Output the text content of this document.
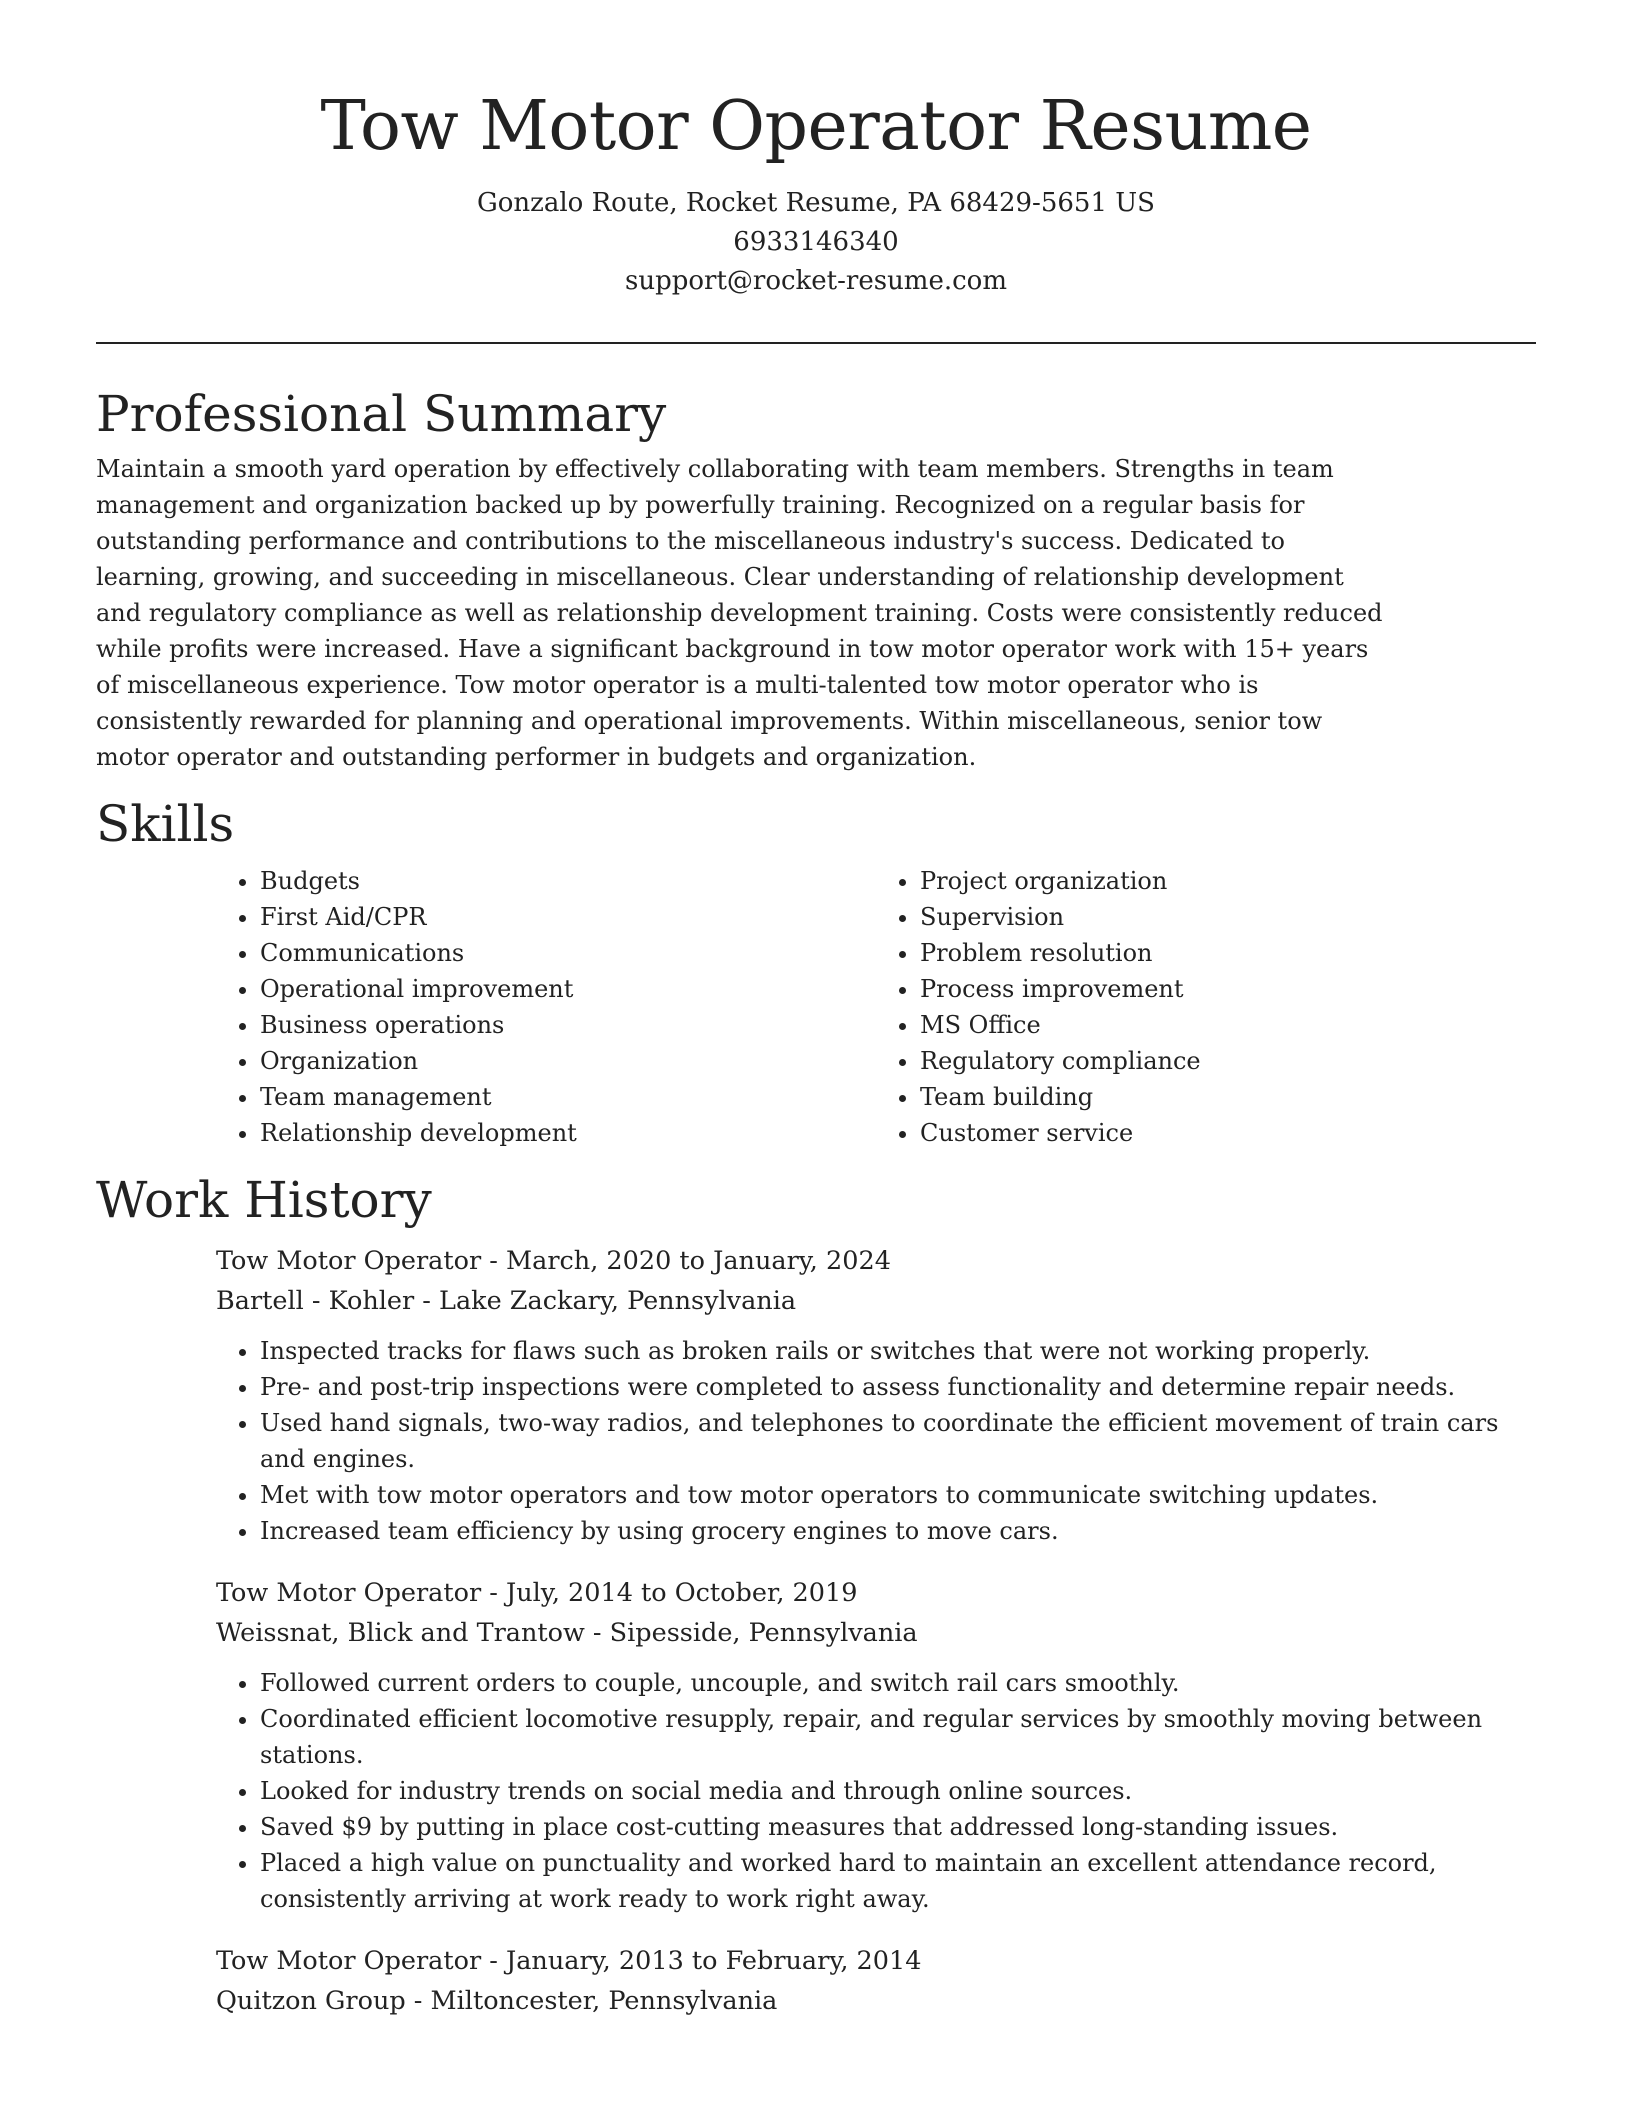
Tow Motor Operator Resume
Gonzalo Route, Rocket Resume, PA 68429-5651 US
6933146340
support@rocket-resume.com
Professional Summary

Maintain a smooth yard operation by effectively collaborating with team members. Strengths in team management and organization backed up by powerfully training. Recognized on a regular basis for outstanding performance and contributions to the miscellaneous industry's success. Dedicated to learning, growing, and succeeding in miscellaneous. Clear understanding of relationship development and regulatory compliance as well as relationship development training. Costs were consistently reduced while profits were increased. Have a significant background in tow motor operator work with 15+ years of miscellaneous experience. Tow motor operator is a multi-talented tow motor operator who is consistently rewarded for planning and operational improvements. Within miscellaneous, senior tow motor operator and outstanding performer in budgets and organization.

Skills
• Budgets
• First Aid/CPR
• Communications
• Operational improvement
• Business operations
• Organization
• Team management
• Relationship development
• Project organization
• Supervision
• Problem resolution
• Process improvement
• MS Office
• Regulatory compliance
• Team building
• Customer service
Work History

Tow Motor Operator - March, 2020 to January, 2024

Bartell - Kohler - Lake Zackary, Pennsylvania

• Inspected tracks for flaws such as broken rails or switches that were not working properly.
• Pre- and post-trip inspections were completed to assess functionality and determine repair needs.
• Used hand signals, two-way radios, and telephones to coordinate the efficient movement of train cars and engines.
• Met with tow motor operators and tow motor operators to communicate switching updates.
• Increased team efficiency by using grocery engines to move cars.

Tow Motor Operator - July, 2014 to October, 2019

Weissnat, Blick and Trantow - Sipesside, Pennsylvania

• Followed current orders to couple, uncouple, and switch rail cars smoothly.
• Coordinated efficient locomotive resupply, repair, and regular services by smoothly moving between stations.
• Looked for industry trends on social media and through online sources.
• Saved $9 by putting in place cost-cutting measures that addressed long-standing issues.
• Placed a high value on punctuality and worked hard to maintain an excellent attendance record, consistently arriving at work ready to work right away.

Tow Motor Operator - January, 2013 to February, 2014

Quitzon Group - Miltoncester, Pennsylvania
